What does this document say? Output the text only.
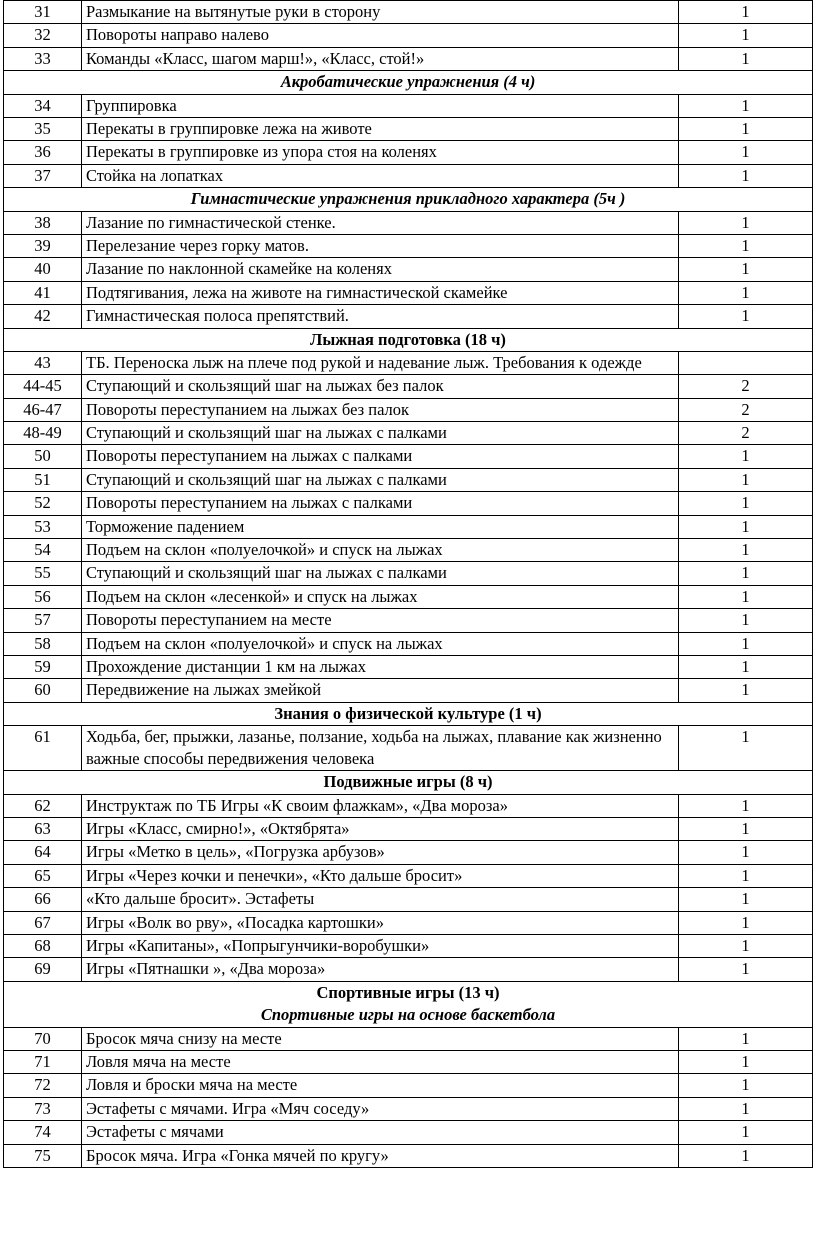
31	Размыкание на вытянутые руки в сторону	1
32	Повороты направо налево	1
33	Команды «Класс, шагом марш!», «Класс, стой!»	1
Акробатические упражнения (4 ч)		
34	Группировка	1
35	Перекаты в группировке лежа на животе	1
36	Перекаты в группировке из упора стоя на коленях	1
37	Стойка на лопатках	1
Гимнастические упражнения прикладного характера (5ч )		
38	Лазание по гимнастической стенке.	1
39	Перелезание через горку матов.	1
40	Лазание по наклонной скамейке на коленях	1
41	Подтягивания, лежа на животе на гимнастической скамейке	1
42	Гимнастическая полоса препятствий.	1
Лыжная подготовка (18 ч)		
43	ТБ. Переноска лыж на плече под рукой и надевание лыж. Требования к одежде	
44-45	Ступающий и скользящий шаг на лыжах без палок	2
46-47	Повороты переступанием на лыжах без палок	2
48-49	Ступающий и скользящий шаг на лыжах с палками	2
50	Повороты переступанием на лыжах с палками	1
51	Ступающий и скользящий шаг на лыжах с палками	1
52	Повороты переступанием на лыжах с палками	1
53	Торможение падением	1
54	Подъем на склон «полуелочкой» и спуск на лыжах	1
55	Ступающий и скользящий шаг на лыжах с палками	1
56	Подъем на склон «лесенкой» и спуск на лыжах	1
57	Повороты переступанием на месте	1
58	Подъем на склон «полуелочкой» и спуск на лыжах	1
59	Прохождение дистанции 1 км на лыжах	1
60	Передвижение на лыжах змейкой	1
Знания о физической культуре (1 ч)		
61	Ходьба, бег, прыжки, лазанье, ползание, ходьба на лыжах, плавание как жизненно важные способы передвижения человека	1
Подвижные игры (8 ч)		
62	Инструктаж по ТБ Игры «К своим флажкам», «Два мороза»	1
63	Игры «Класс, смирно!», «Октябрята»	1
64	Игры «Метко в цель», «Погрузка арбузов»	1
65	Игры «Через кочки и пенечки», «Кто дальше бросит»	1
66	«Кто дальше бросит». Эстафеты	1
67	Игры «Волк во рву», «Посадка картошки»	1
68	Игры «Капитаны», «Попрыгунчики-воробушки»	1
69	Игры «Пятнашки », «Два мороза»	1
Спортивные игры (13 ч)
Спортивные игры на основе баскетбола		

70	Бросок мяча снизу на месте	1
71	Ловля мяча на месте	1
72	Ловля и броски мяча на месте	1
73	Эстафеты с мячами. Игра «Мяч соседу»	1
74	Эстафеты с мячами	1
75	Бросок мяча. Игра «Гонка мячей по кругу»	1
